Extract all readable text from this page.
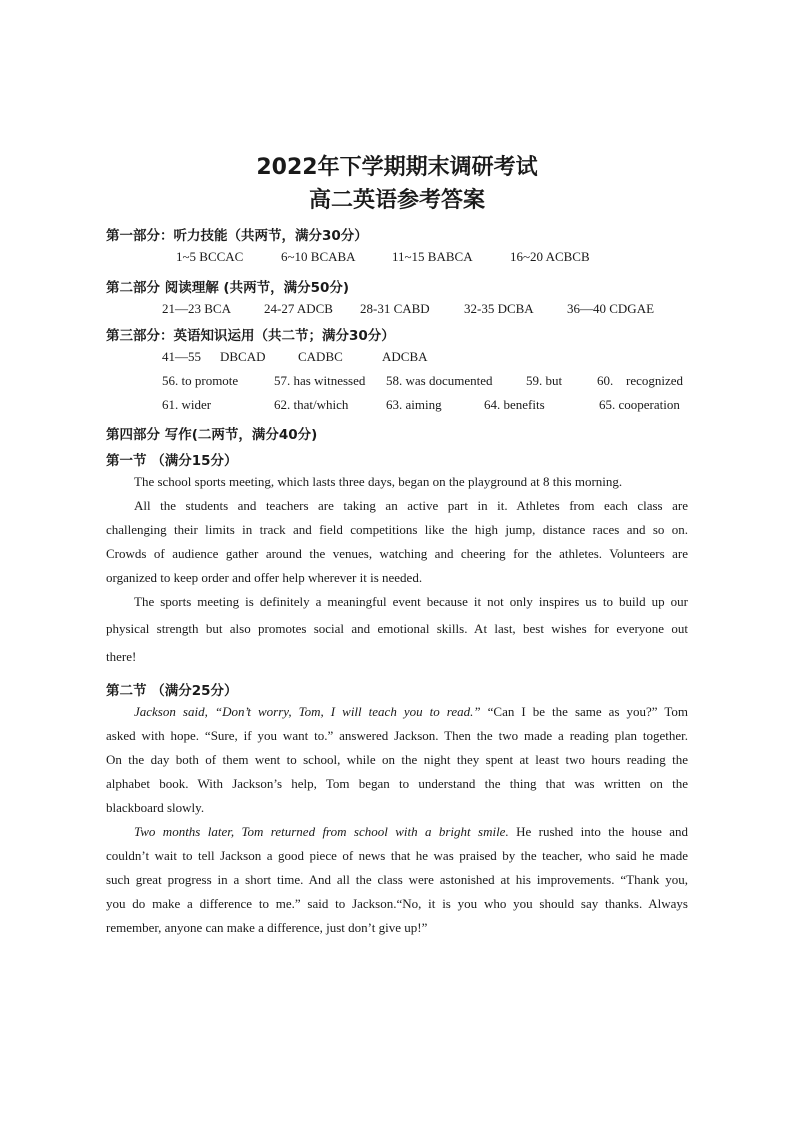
2022年下学期期末调研考试
高二英语参考答案
第一部分：听力技能（共两节，满分30分）
1~5 BCCAC	6~10 BCABA	11~15 BABCA	16~20 ACBCB
第二部分 阅读理解 (共两节，满分50分)
21—23 BCA	24-27 ADCB 28-31 CABD	32-35 DCBA	36—40 CDGAE
第三部分：英语知识运用（共二节；满分30分）
41—55 DBCAD CADBC	ADCBA
56. to promote	57. has witnessed 58. was documented	59. but	60. recognized
61. wider	62. that/which	63. aiming	64. benefits	65. cooperation
第四部分 写作(二两节，满分40分)
第一节 （满分15分）
The school sports meeting, which lasts three days, began on the playground at 8 this morning.
All the students and teachers are taking an active part in it. Athletes from each class are
challenging their limits in track and field competitions like the high jump, distance races and so on.
Crowds of audience gather around the venues, watching and cheering for the athletes. Volunteers are
organized to keep order and offer help wherever it is needed.
The sports meeting is definitely a meaningful event because it not only inspires us to build up our
physical strength but also promotes social and emotional skills. At last, best wishes for everyone out
there!
第二节 （满分25分）
Jackson said, “Don’t worry, Tom, I will teach you to read.” “Can I be the same as you?” Tom
asked with hope. “Sure, if you want to.” answered Jackson. Then the two made a reading plan together.
On the day both of them went to school, while on the night they spent at least two hours reading the
alphabet book. With Jackson’s help, Tom began to understand the thing that was written on the
blackboard slowly.
Two months later, Tom returned from school with a bright smile. He rushed into the house and
couldn’t wait to tell Jackson a good piece of news that he was praised by the teacher, who said he made
such great progress in a short time. And all the class were astonished at his improvements. “Thank you,
you do make a difference to me.” said to Jackson.“No, it is you who you should say thanks. Always
remember, anyone can make a difference, just don’t give up!”
